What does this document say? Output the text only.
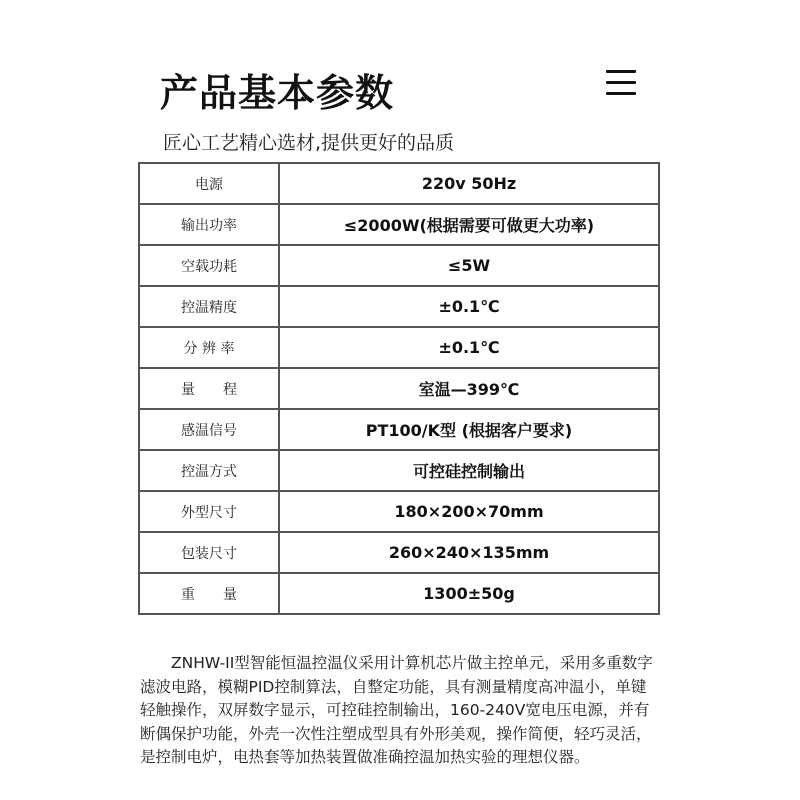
产品基本参数
匠心工艺精心选材,提供更好的品质
电源	220v 50Hz
输出功率	≤2000W(根据需要可做更大功率)
空载功耗	≤5W
控温精度	±0.1℃
分 辨 率	±0.1℃
量　　程	室温—399℃
感温信号	PT100/K型 (根据客户要求)
控温方式	可控硅控制输出
外型尺寸	180×200×70mm
包装尺寸	260×240×135mm
重　　量	1300±50g

ZNHW-II型智能恒温控温仪采用计算机芯片做主控单元，采用多重数字滤波电路，模糊PID控制算法，自整定功能，具有测量精度高冲温小，单键轻触操作，双屏数字显示，可控硅控制输出，160-240V宽电压电源，并有断偶保护功能，外壳一次性注塑成型具有外形美观，操作简便，轻巧灵活，是控制电炉，电热套等加热装置做准确控温加热实验的理想仪器。
